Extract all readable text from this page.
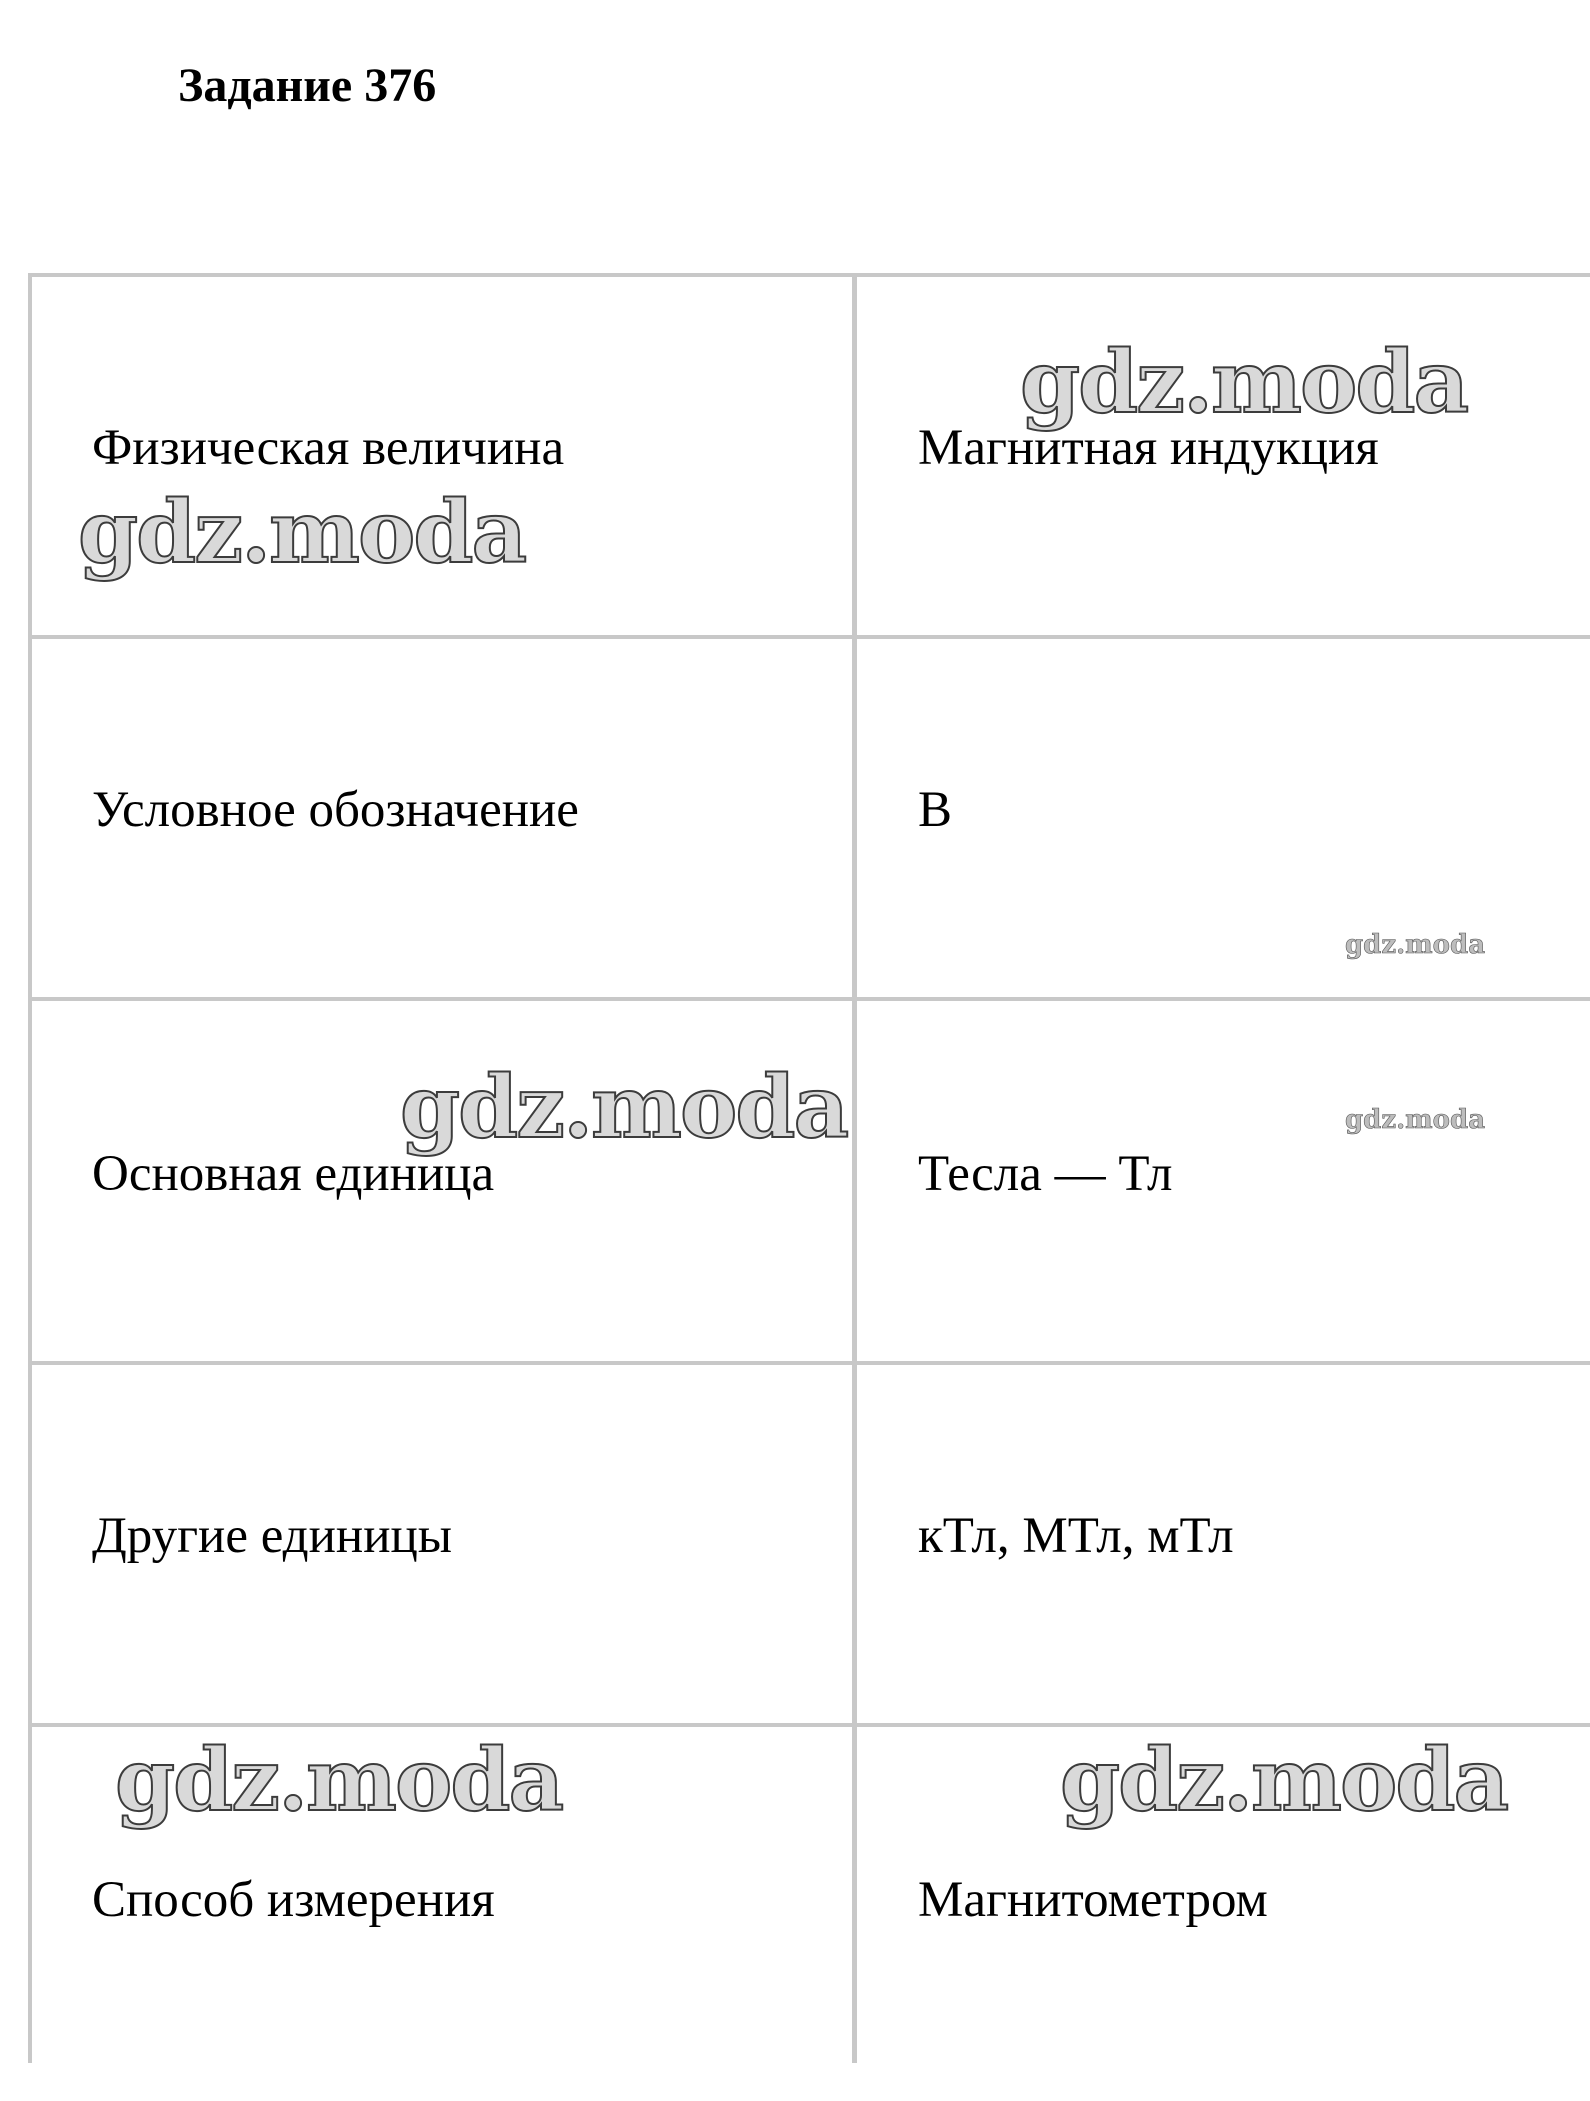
Задание 376
Физическая величина	Магнитная индукция
Условное обозначение	B
Основная единица	Тесла — Тл
Другие единицы	кТл, МТл, мТл
Способ измерения	Магнитометром
gdz.moda
gdz.moda
gdz.moda
gdz.moda	gdz.moda
gdz.moda	gdz.moda
